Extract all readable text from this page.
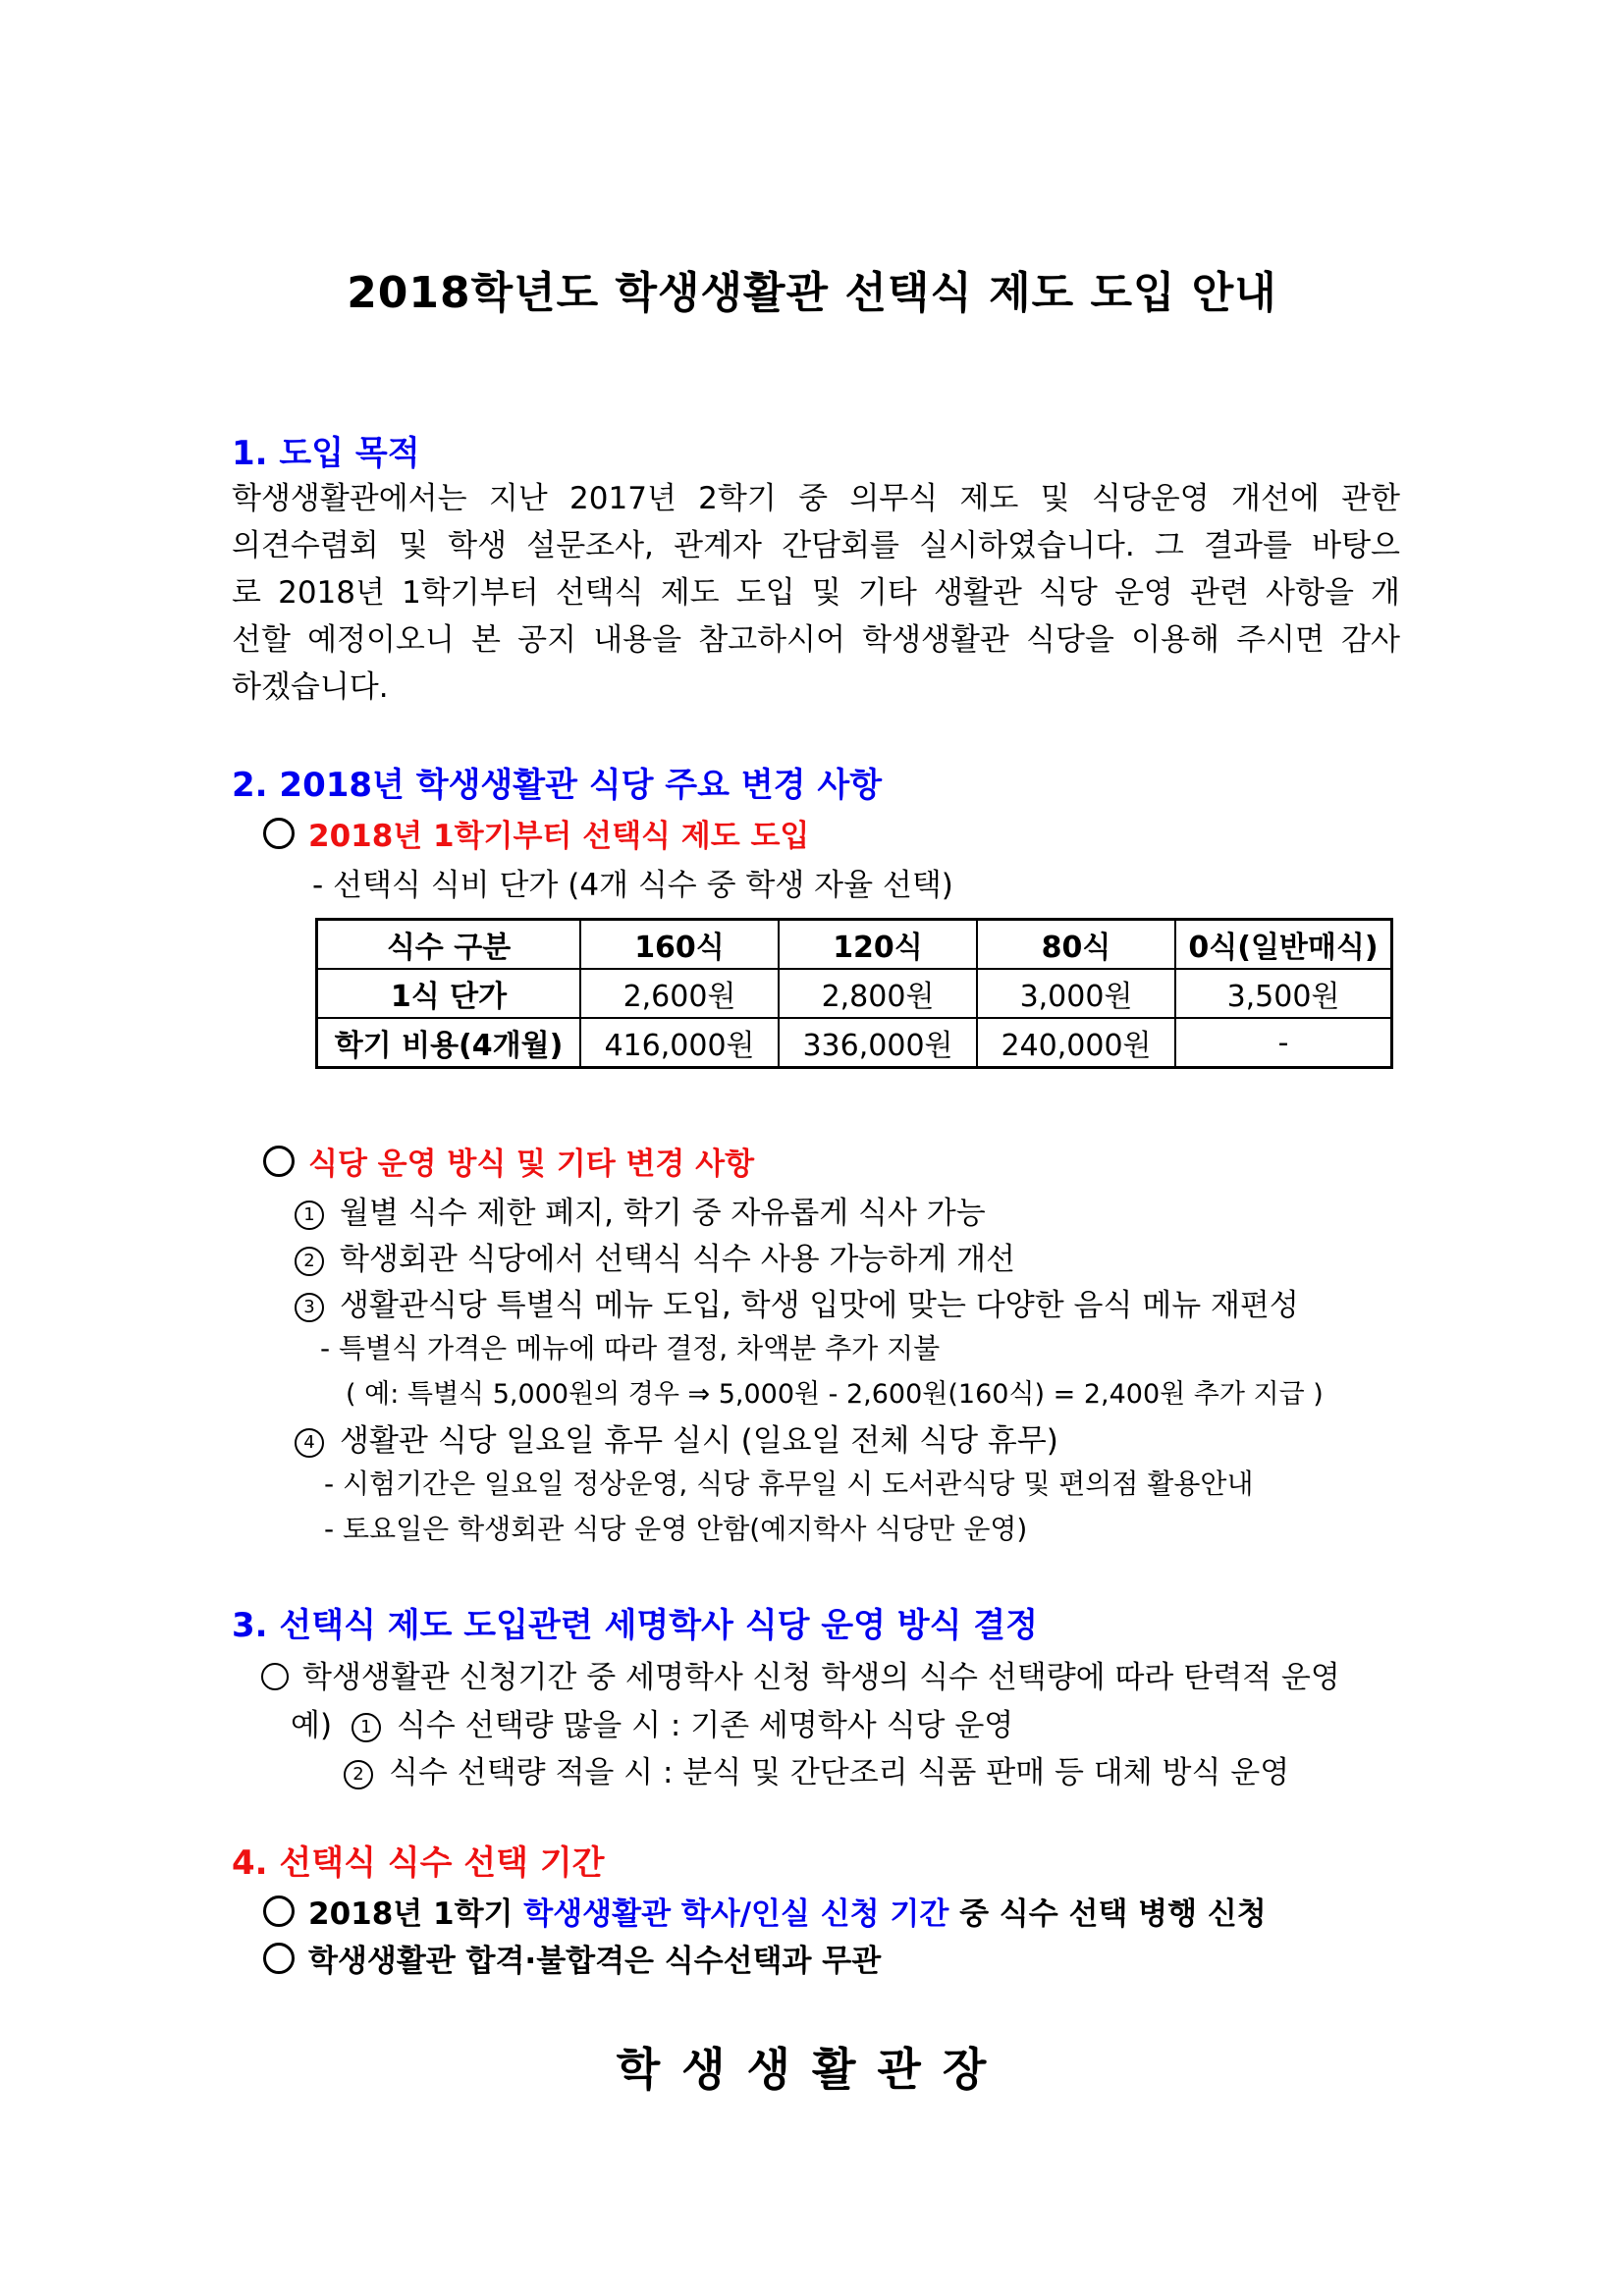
2018학년도 학생생활관 선택식 제도 도입 안내
1. 도입 목적
학생생활관에서는 지난 2017년 2학기 중 의무식 제도 및 식당운영 개선에 관한
의견수렴회 및 학생 설문조사, 관계자 간담회를 실시하였습니다. 그 결과를 바탕으
로 2018년 1학기부터 선택식 제도 도입 및 기타 생활관 식당 운영 관련 사항을 개
선할 예정이오니 본 공지 내용을 참고하시어 학생생활관 식당을 이용해 주시면 감사
하겠습니다.
2. 2018년 학생생활관 식당 주요 변경 사항
2018년 1학기부터 선택식 제도 도입
- 선택식 식비 단가 (4개 식수 중 학생 자율 선택)
식수 구분	160식	120식	80식	0식(일반매식)
1식 단가	2,600원	2,800원	3,000원	3,500원
학기 비용(4개월)	416,000원	336,000원	240,000원	-
식당 운영 방식 및 기타 변경 사항
1 월별 식수 제한 폐지, 학기 중 자유롭게 식사 가능
2 학생회관 식당에서 선택식 식수 사용 가능하게 개선
3 생활관식당 특별식 메뉴 도입, 학생 입맛에 맞는 다양한 음식 메뉴 재편성
- 특별식 가격은 메뉴에 따라 결정, 차액분 추가 지불
( 예: 특별식 5,000원의 경우 ⇒ 5,000원 - 2,600원(160식) = 2,400원 추가 지급 )
4 생활관 식당 일요일 휴무 실시 (일요일 전체 식당 휴무)
- 시험기간은 일요일 정상운영, 식당 휴무일 시 도서관식당 및 편의점 활용안내
- 토요일은 학생회관 식당 운영 안함(예지학사 식당만 운영)
3. 선택식 제도 도입관련 세명학사 식당 운영 방식 결정
학생생활관 신청기간 중 세명학사 신청 학생의 식수 선택량에 따라 탄력적 운영
예) 1 식수 선택량 많을 시 : 기존 세명학사 식당 운영
2 식수 선택량 적을 시 : 분식 및 간단조리 식품 판매 등 대체 방식 운영
4. 선택식 식수 선택 기간
2018년 1학기 학생생활관 학사/인실 신청 기간 중 식수 선택 병행 신청
학생생활관 합격·불합격은 식수선택과 무관
학생생활관장
